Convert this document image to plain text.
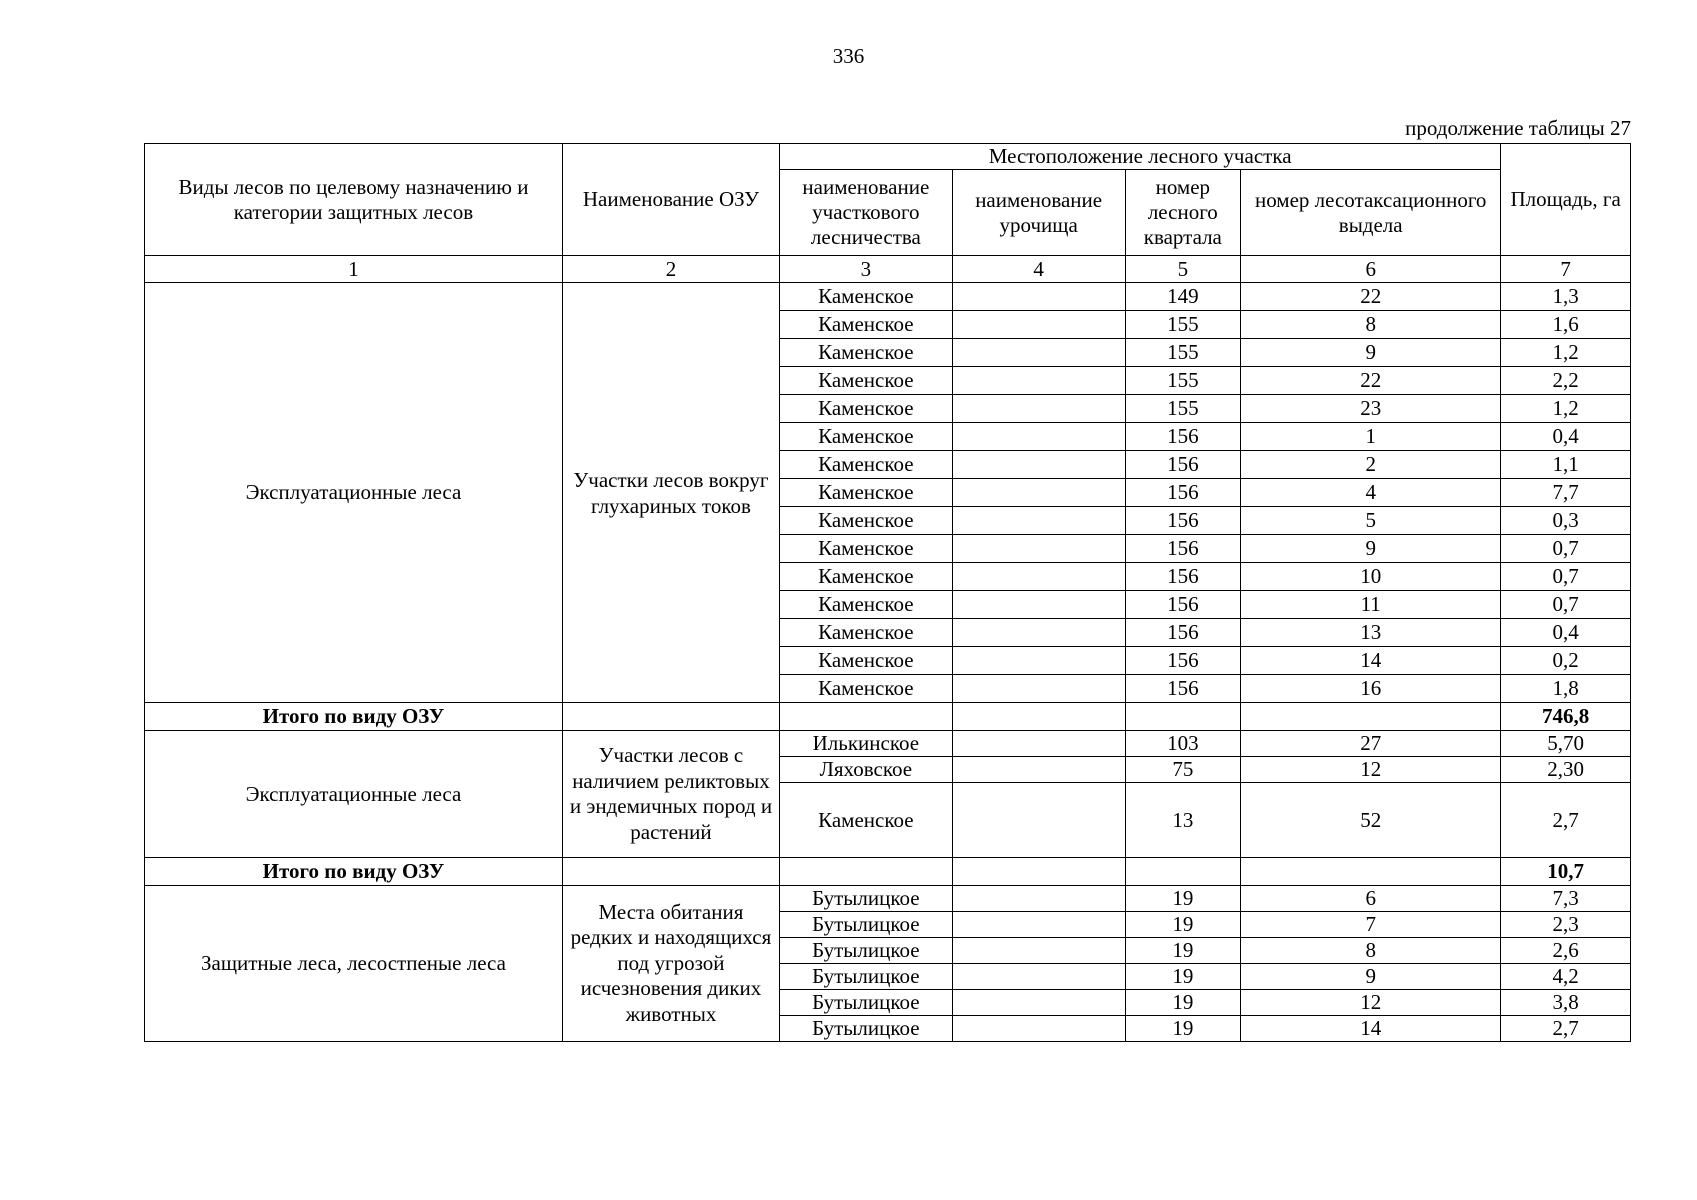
336
продолжение таблицы 27
Виды лесов по целевому назначению и категории защитных лесов	Наименование ОЗУ	Местоположение лесного участка				Площадь, га
		наименование участкового лесничества	наименование урочища	номер лесного квартала	номер лесотаксационного выдела	
1	2	3	4	5	6	7
Эксплуатационные леса	Участки лесов вокруг глухариных токов	Каменское		149	22	1,3
		Каменское		155	8	1,6
		Каменское		155	9	1,2
		Каменское		155	22	2,2
		Каменское		155	23	1,2
		Каменское		156	1	0,4
		Каменское		156	2	1,1
		Каменское		156	4	7,7
		Каменское		156	5	0,3
		Каменское		156	9	0,7
		Каменское		156	10	0,7
		Каменское		156	11	0,7
		Каменское		156	13	0,4
		Каменское		156	14	0,2
		Каменское		156	16	1,8
Итого по виду ОЗУ						746,8
Эксплуатационные леса	Участки лесов с наличием реликтовых и эндемичных пород и растений	Илькинское		103	27	5,70
		Ляховское		75	12	2,30
		Каменское		13	52	2,7
Итого по виду ОЗУ						10,7
Защитные леса, лесостпеные леса	Места обитания редких и находящихся под угрозой исчезновения диких животных	Бутылицкое		19	6	7,3
		Бутылицкое		19	7	2,3
		Бутылицкое		19	8	2,6
		Бутылицкое		19	9	4,2
		Бутылицкое		19	12	3,8
		Бутылицкое		19	14	2,7
